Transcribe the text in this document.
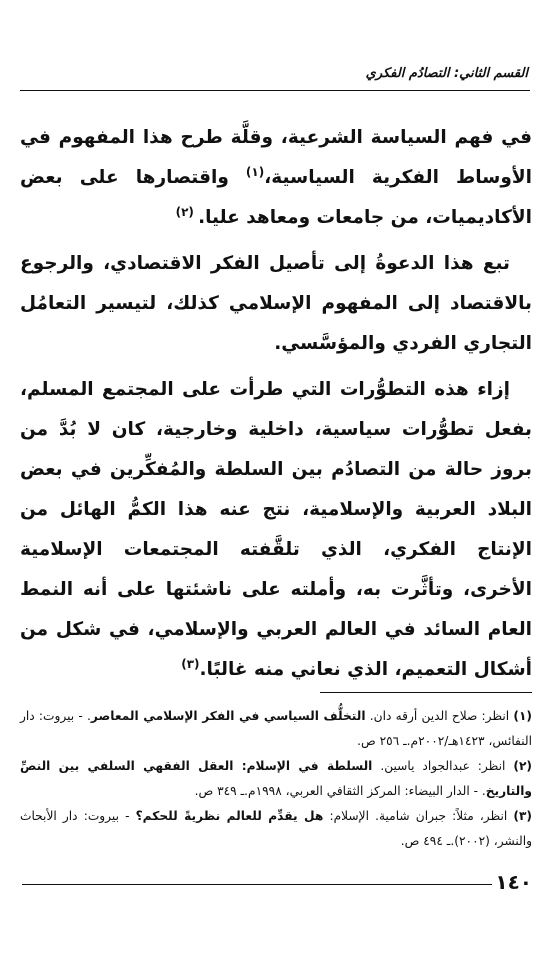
القسم الثاني: التصادُم الفكري

في فهم السياسة الشرعية، وقلَّة طرح هذا المفهوم في الأوساط الفكرية السياسية،$^{(١)}$ واقتصارها على بعض الأكاديميات، من جامعات ومعاهد عليا. $^{(٢)}$

تبع هذا الدعوةُ إلى تأصيل الفكر الاقتصادي، والرجوع بالاقتصاد إلى المفهوم الإسلامي كذلك، لتيسير التعامُل التجاري الفردي والمؤسَّسي.

إزاء هذه التطوُّرات التي طرأت على المجتمع المسلم، بفعل تطوُّرات سياسية، داخلية وخارجية، كان لا بُدَّ من بروز حالة من التصادُم بين السلطة والمُفكِّرين في بعض البلاد العربية والإسلامية، نتج عنه هذا الكمُّ الهائل من الإنتاج الفكري، الذي تلقَّفته المجتمعات الإسلامية الأخرى، وتأثَّرت به، وأملته على ناشئتها على أنه النمط العام السائد في العالم العربي والإسلامي، في شكل من أشكال التعميم، الذي نعاني منه غالبًا.$^{(٣)}$

(١) انظر: صلاح الدين أرقه دان. التخلُّف السياسي في الفكر الإسلامي المعاصر. - بيروت: دار النفائس، ١٤٢٣هـ/٢٠٠٢م.ـ ٢٥٦ ص.
(٢) انظر: عبدالجواد ياسين. السلطة في الإسلام: العقل الفقهي السلفي بين النصِّ والتاريخ. - الدار البيضاء: المركز الثقافي العربي، ١٩٩٨م.ـ ٣٤٩ ص.
(٣) انظر، مثلاً: جبران شامية. الإسلام: هل يقدِّم للعالم نظريةً للحكم؟ - بيروت: دار الأبحاث والنشر، (٢٠٠٢).ـ ٤٩٤ ص.
١٤٠
